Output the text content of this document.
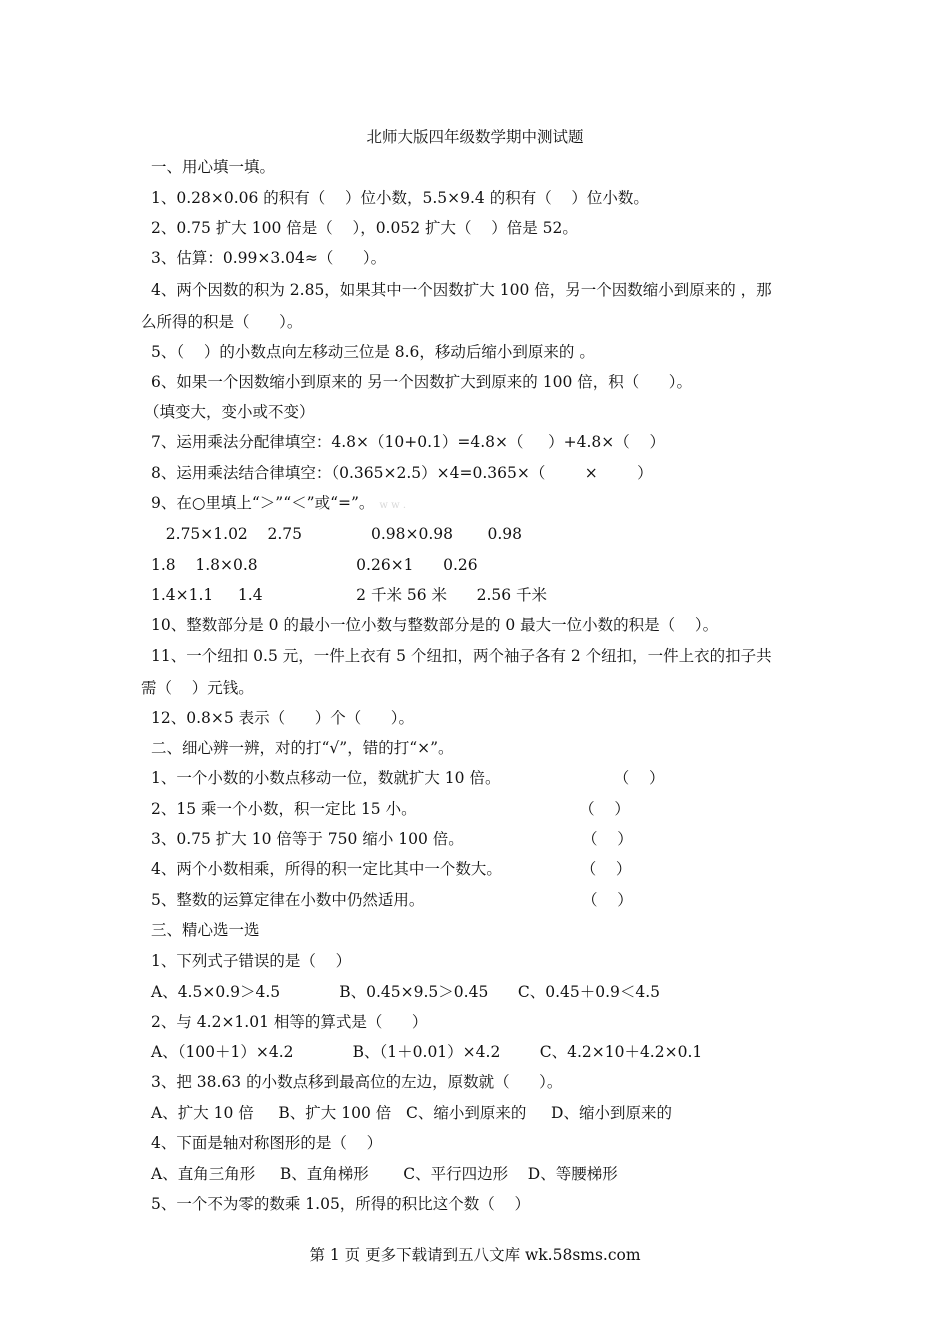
北师大版四年级数学期中测试题
一、用心填一填。
1、0.28×0.06 的积有（    ）位小数，5.5×9.4 的积有（    ）位小数。
2、0.75 扩大 100 倍是（    ），0.052 扩大（    ）倍是 52。
3、估算：0.99×3.04≈（      ）。
4、两个因数的积为 2.85，如果其中一个因数扩大 100 倍，另一个因数缩小到原来的 ，那
么所得的积是（      ）。
5、（    ）的小数点向左移动三位是 8.6，移动后缩小到原来的 。
6、如果一个因数缩小到原来的 另一个因数扩大到原来的 100 倍，积（      ）。
（填变大，变小或不变）
7、运用乘法分配律填空：4.8×（10+0.1）=4.8×（     ）+4.8×（    ）
8、运用乘法结合律填空：（0.365×2.5）×4=0.365×（        ×        ）
9、在○里填上“＞”“＜”或“=”。 w w .
2.75×1.02    2.75              0.98×0.98       0.98
1.8    1.8×0.8                    0.26×1      0.26
1.4×1.1     1.4                   2 千米 56 米      2.56 千米
10、整数部分是 0 的最小一位小数与整数部分是的 0 最大一位小数的积是（    ）。
11、一个纽扣 0.5 元，一件上衣有 5 个纽扣，两个袖子各有 2 个纽扣，一件上衣的扣子共
需（    ）元钱。
12、0.8×5 表示（      ）个（      ）。
二、细心辨一辨，对的打“√”，错的打“×”。
1、一个小数的小数点移动一位，数就扩大 10 倍。                       （    ）
2、15 乘一个小数，积一定比 15 小。                                 （    ）
3、0.75 扩大 10 倍等于 750 缩小 100 倍。                        （    ）
4、两个小数相乘，所得的积一定比其中一个数大。                （    ）
5、整数的运算定律在小数中仍然适用。                                （    ）
三、精心选一选
1、下列式子错误的是（    ）
A、4.5×0.9＞4.5            B、0.45×9.5＞0.45      C、0.45＋0.9＜4.5
2、与 4.2×1.01 相等的算式是（      ）
A、（100＋1）×4.2            B、（1＋0.01）×4.2        C、4.2×10＋4.2×0.1
3、把 38.63 的小数点移到最高位的左边，原数就（      ）。
A、扩大 10 倍     B、扩大 100 倍   C、缩小到原来的     D、缩小到原来的
4、下面是轴对称图形的是（    ）
A、直角三角形     B、直角梯形       C、平行四边形    D、等腰梯形
5、一个不为零的数乘 1.05，所得的积比这个数（    ）
第 1 页 更多下载请到五八文库 wk.58sms.com
